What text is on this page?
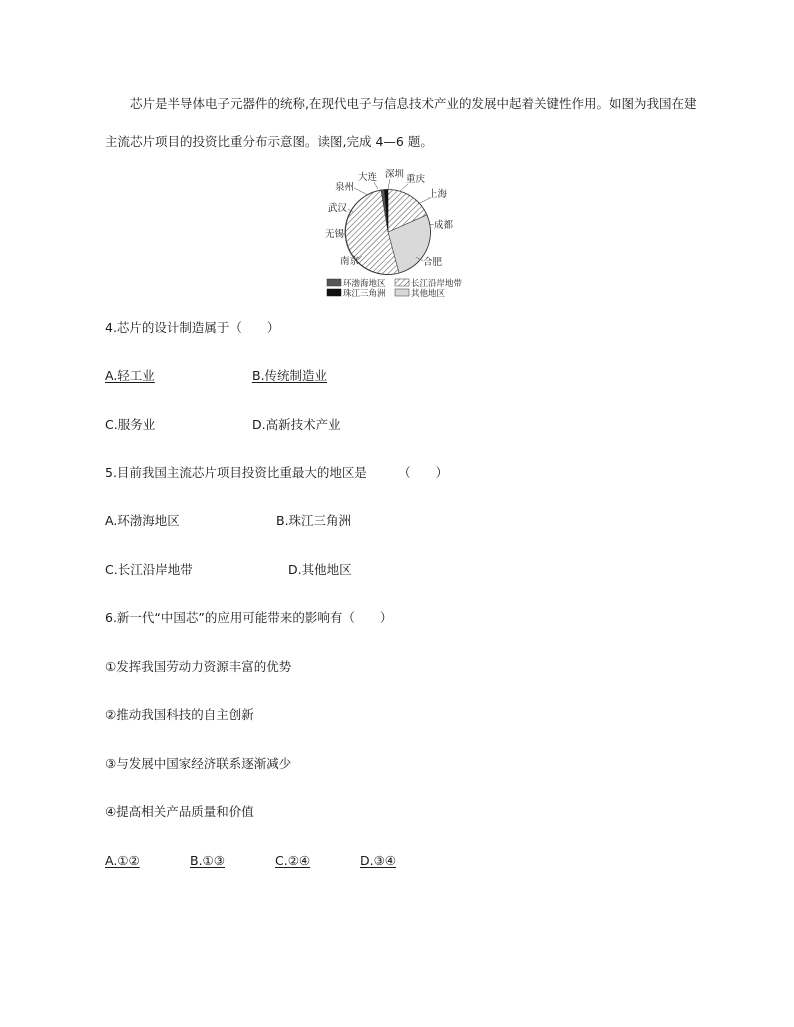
芯片是半导体电子元器件的统称,在现代电子与信息技术产业的发展中起着关键性作用。如图为我国在建
主流芯片项目的投资比重分布示意图。读图,完成 4—6 题。
大连 深圳 重庆
泉州
上海
武汉
成都
无锡
南京	合肥
环渤海地区	长江沿岸地带
珠江三角洲	其他地区
4.芯片的设计制造属于（　　）
A.轻工业	B.传统制造业
C.服务业	D.高新技术产业
5.目前我国主流芯片项目投资比重最大的地区是　　　（　　）
A.环渤海地区	B.珠江三角洲
C.长江沿岸地带	D.其他地区
6.新一代“中国芯”的应用可能带来的影响有（　　）
①发挥我国劳动力资源丰富的优势
②推动我国科技的自主创新
③与发展中国家经济联系逐渐减少
④提高相关产品质量和价值
A.①②	B.①③	C.②④	D.③④
